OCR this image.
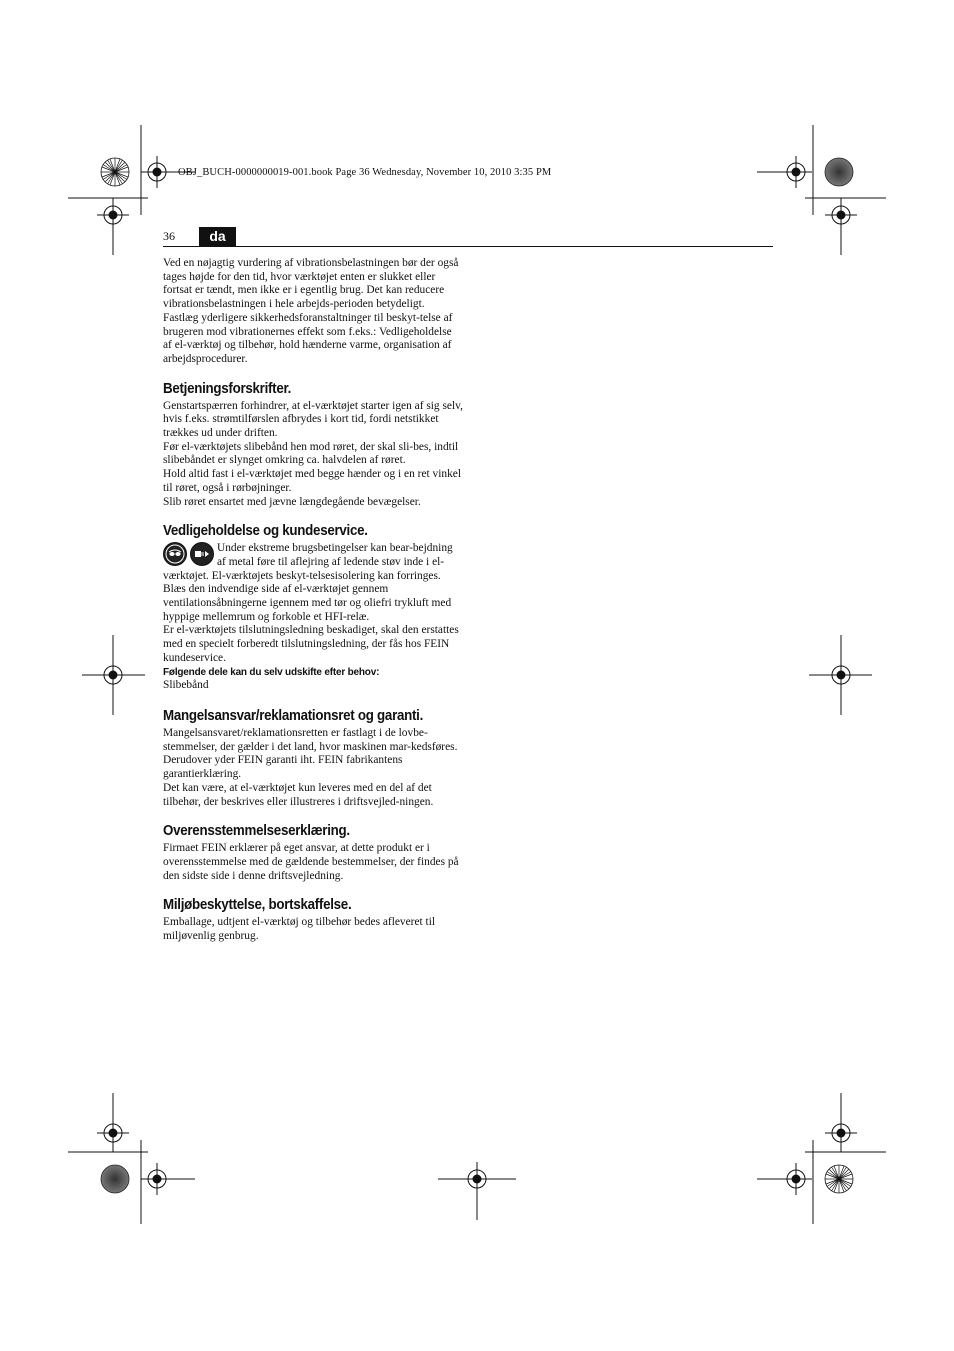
OBJ_BUCH-0000000019-001.book Page 36 Wednesday, November 10, 2010 3:35 PM
36	da

Ved en nøjagtig vurdering af vibrationsbelastningen bør der også tages højde for den tid, hvor værktøjet enten er slukket eller fortsat er tændt, men ikke er i egentlig brug. Det kan reducere vibrationsbelastningen i hele arbejds-perioden betydeligt.

Fastlæg yderligere sikkerhedsforanstaltninger til beskyt-telse af brugeren mod vibrationernes effekt som f.eks.: Vedligeholdelse af el-værktøj og tilbehør, hold hænderne varme, organisation af arbejdsprocedurer.

Betjeningsforskrifter.

Genstartspærren forhindrer, at el-værktøjet starter igen af sig selv, hvis f.eks. strømtilførslen afbrydes i kort tid, fordi netstikket trækkes ud under driften.

Før el-værktøjets slibebånd hen mod røret, der skal sli-bes, indtil slibebåndet er slynget omkring ca. halvdelen af røret.

Hold altid fast i el-værktøjet med begge hænder og i en ret vinkel til røret, også i rørbøjninger.

Slib røret ensartet med jævne længdegående bevægelser.

Vedligeholdelse og kundeservice.

Under ekstreme brugsbetingelser kan bear-bejdning af metal føre til aflejring af ledende støv inde i el-værktøjet. El-værktøjets beskyt-telsesisolering kan forringes. Blæs den indvendige side af el-værktøjet gennem ventilationsåbningerne igennem med tør og oliefri trykluft med hyppige mellemrum og forkoble et HFI-relæ.

Er el-værktøjets tilslutningsledning beskadiget, skal den erstattes med en specielt forberedt tilslutningsledning, der fås hos FEIN kundeservice.

Følgende dele kan du selv udskifte efter behov:

Slibebånd

Mangelsansvar/reklamationsret og garanti.

Mangelsansvaret/reklamationsretten er fastlagt i de lovbe-stemmelser, der gælder i det land, hvor maskinen mar-kedsføres. Derudover yder FEIN garanti iht. FEIN fabrikantens garantierklæring.

Det kan være, at el-værktøjet kun leveres med en del af det tilbehør, der beskrives eller illustreres i driftsvejled-ningen.

Overensstemmelseserklæring.

Firmaet FEIN erklærer på eget ansvar, at dette produkt er i overensstemmelse med de gældende bestemmelser, der findes på den sidste side i denne driftsvejledning.

Miljøbeskyttelse, bortskaffelse.

Emballage, udtjent el-værktøj og tilbehør bedes afleveret til miljøvenlig genbrug.
